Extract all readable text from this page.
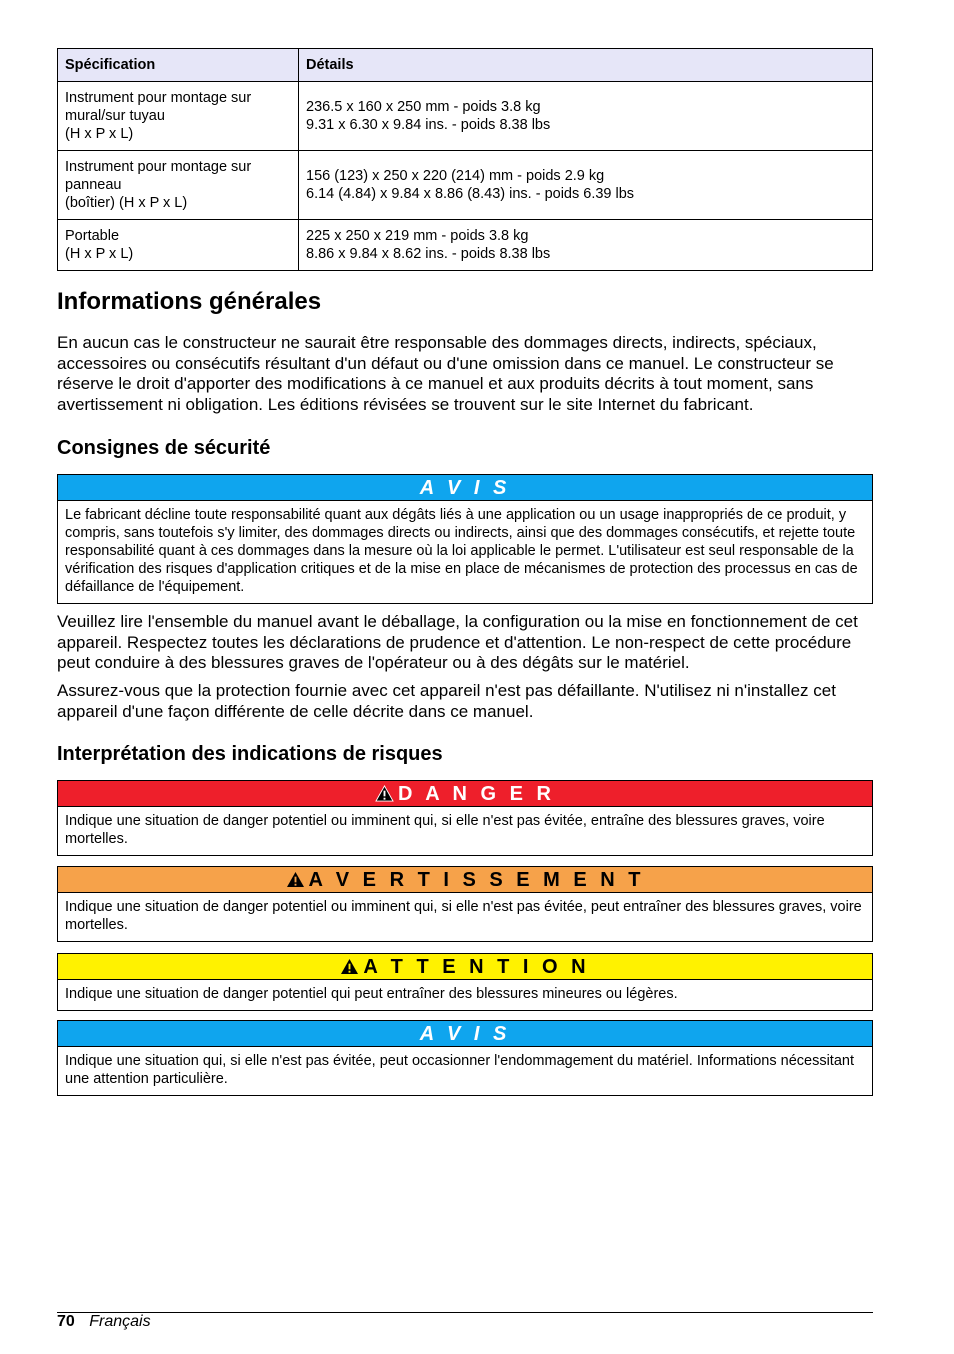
Spécification	Détails
Instrument pour montage sur
mural/sur tuyau
(H x P x L)	236.5 x 160 x 250 mm - poids 3.8 kg
9.31 x 6.30 x 9.84 ins. - poids 8.38 lbs
Instrument pour montage sur
panneau
(boîtier) (H x P x L)	156 (123) x 250 x 220 (214) mm - poids 2.9 kg
6.14 (4.84) x 9.84 x 8.86 (8.43) ins. - poids 6.39 lbs
Portable
(H x P x L)	225 x 250 x 219 mm - poids 3.8 kg
8.86 x 9.84 x 8.62 ins. - poids 8.38 lbs
Informations générales

En aucun cas le constructeur ne saurait être responsable des dommages directs, indirects, spéciaux, accessoires ou consécutifs résultant d'un défaut ou d'une omission dans ce manuel. Le constructeur se réserve le droit d'apporter des modifications à ce manuel et aux produits décrits à tout moment, sans avertissement ni obligation. Les éditions révisées se trouvent sur le site Internet du fabricant.

Consignes de sécurité
A V I S
Le fabricant décline toute responsabilité quant aux dégâts liés à une application ou un usage inappropriés de ce produit, y compris, sans toutefois s'y limiter, des dommages directs ou indirects, ainsi que des dommages consécutifs, et rejette toute responsabilité quant à ces dommages dans la mesure où la loi applicable le permet. L'utilisateur est seul responsable de la vérification des risques d'application critiques et de la mise en place de mécanismes de protection des processus en cas de défaillance de l'équipement.

Veuillez lire l'ensemble du manuel avant le déballage, la configuration ou la mise en fonctionnement de cet appareil. Respectez toutes les déclarations de prudence et d'attention. Le non-respect de cette procédure peut conduire à des blessures graves de l'opérateur ou à des dégâts sur le matériel.

Assurez-vous que la protection fournie avec cet appareil n'est pas défaillante. N'utilisez ni n'installez cet appareil d'une façon différente de celle décrite dans ce manuel.

Interprétation des indications de risques
D A N G E R
Indique une situation de danger potentiel ou imminent qui, si elle n'est pas évitée, entraîne des blessures graves, voire mortelles.
A V E R T I S S E M E N T
Indique une situation de danger potentiel ou imminent qui, si elle n'est pas évitée, peut entraîner des blessures graves, voire mortelles.
A T T E N T I O N
Indique une situation de danger potentiel qui peut entraîner des blessures mineures ou légères.
A V I S
Indique une situation qui, si elle n'est pas évitée, peut occasionner l'endommagement du matériel. Informations nécessitant une attention particulière.
70 Français
